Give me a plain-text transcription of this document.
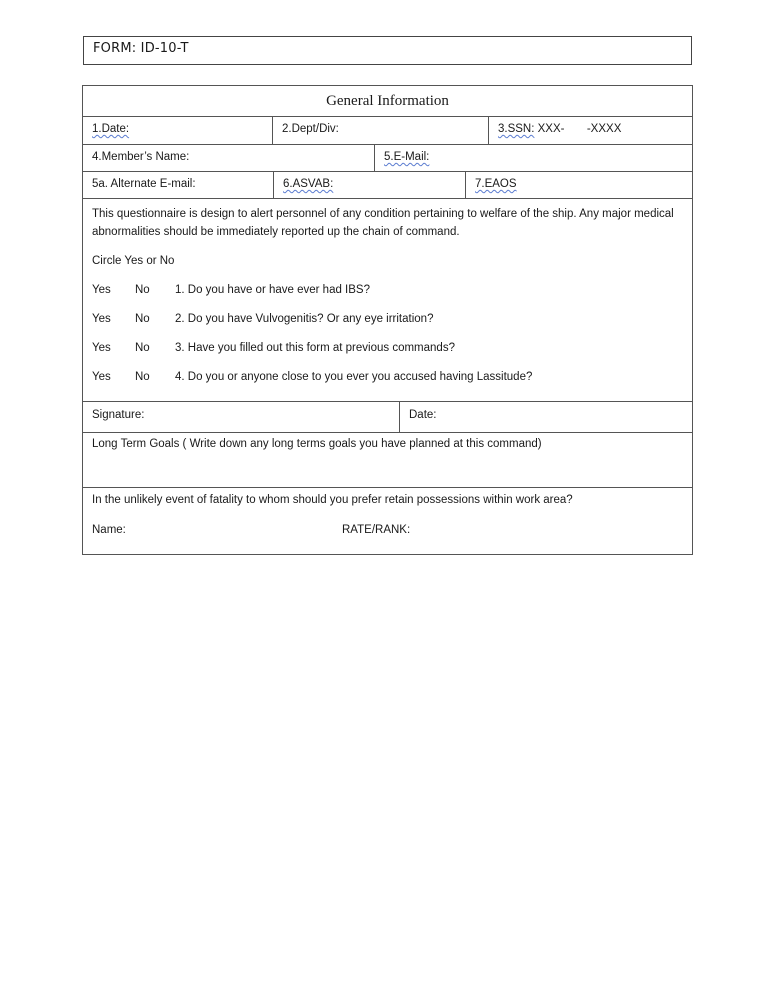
FORM: ID-10-T
General Information
1.Date:	2.Dept/Div:	3.SSN: XXX-       -XXXX
4.Member’s Name:	5.E-Mail:
5a. Alternate E-mail:	6.ASVAB:	7.EAOS

This questionnaire is design to alert personnel of any condition pertaining to welfare of the ship. Any major medical abnormalities should be immediately reported up the chain of command.

Circle Yes or No

Yes	No	1. Do you have or have ever had IBS?
Yes	No	2. Do you have Vulvogenitis? Or any eye irritation?
Yes	No	3. Have you filled out this form at previous commands?
Yes	No	4. Do you or anyone close to you ever you accused having Lassitude?
Signature:	Date:
Long Term Goals ( Write down any long terms goals you have planned at this command)
In the unlikely event of fatality to whom should you prefer retain possessions within work area?
Name:	RATE/RANK:
